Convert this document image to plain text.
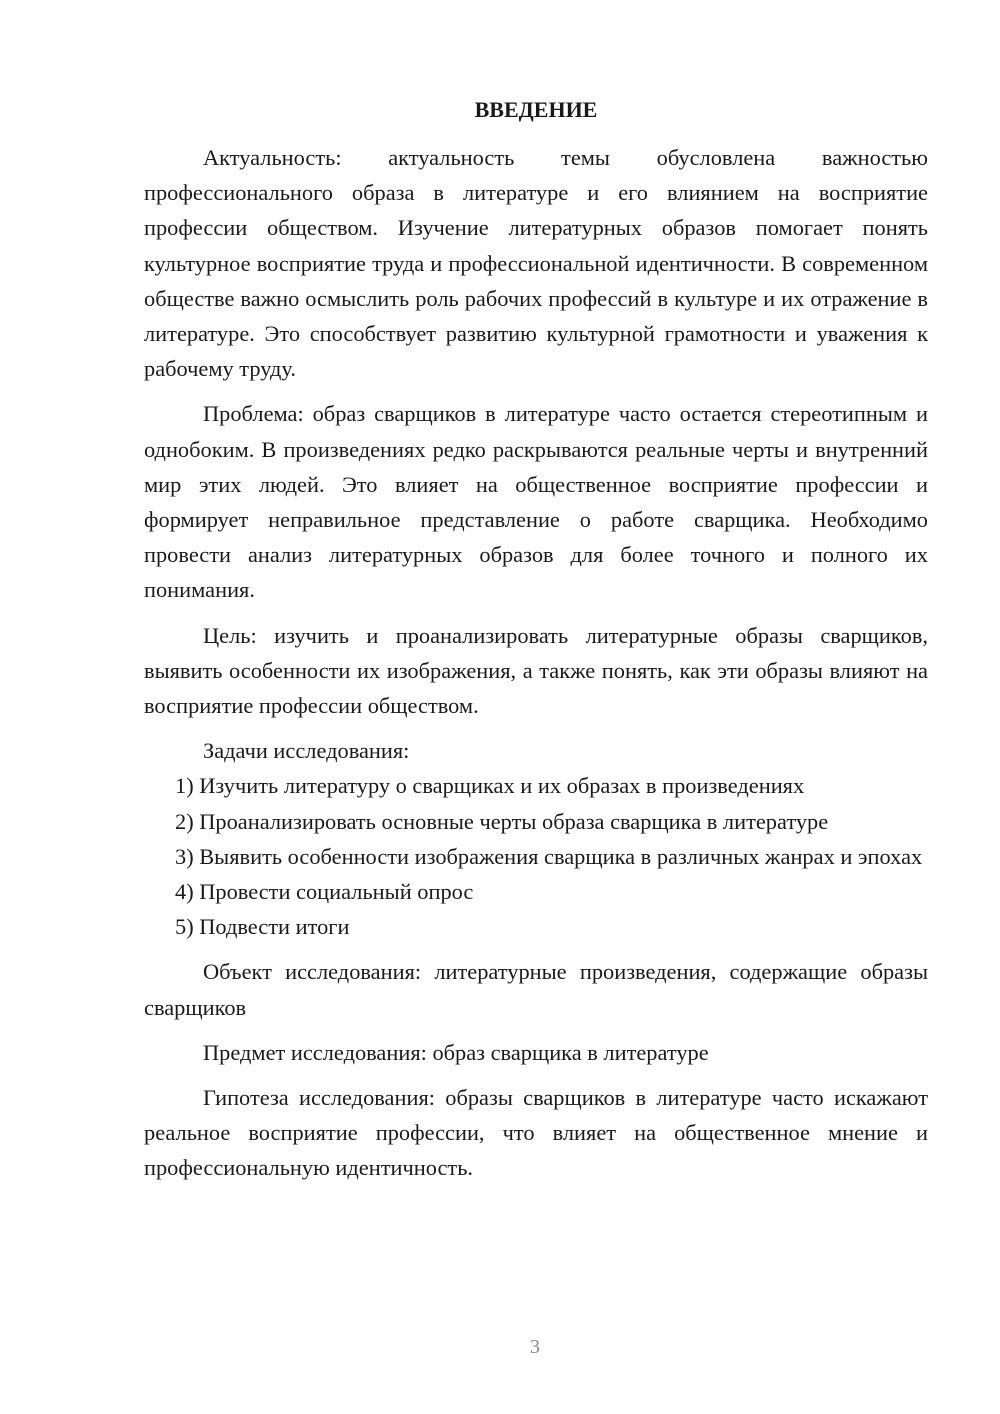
ВВЕДЕНИЕ

Актуальность: актуальность темы обусловлена важностью профессионального образа в литературе и его влиянием на восприятие профессии обществом. Изучение литературных образов помогает понять культурное восприятие труда и профессиональной идентичности. В современном обществе важно осмыслить роль рабочих профессий в культуре и их отражение в литературе. Это способствует развитию культурной грамотности и уважения к рабочему труду.

Проблема: образ сварщиков в литературе часто остается стереотипным и однобоким. В произведениях редко раскрываются реальные черты и внутренний мир этих людей. Это влияет на общественное восприятие профессии и формирует неправильное представление о работе сварщика. Необходимо провести анализ литературных образов для более точного и полного их понимания.

Цель: изучить и проанализировать литературные образы сварщиков, выявить особенности их изображения, а также понять, как эти образы влияют на восприятие профессии обществом.

Задачи исследования:

1) Изучить литературу о сварщиках и их образах в произведениях

2) Проанализировать основные черты образа сварщика в литературе

3) Выявить особенности изображения сварщика в различных жанрах и эпохах

4) Провести социальный опрос

5) Подвести итоги

Объект исследования: литературные произведения, содержащие образы сварщиков

Предмет исследования: образ сварщика в литературе

Гипотеза исследования: образы сварщиков в литературе часто искажают реальное восприятие профессии, что влияет на общественное мнение и профессиональную идентичность.

3
